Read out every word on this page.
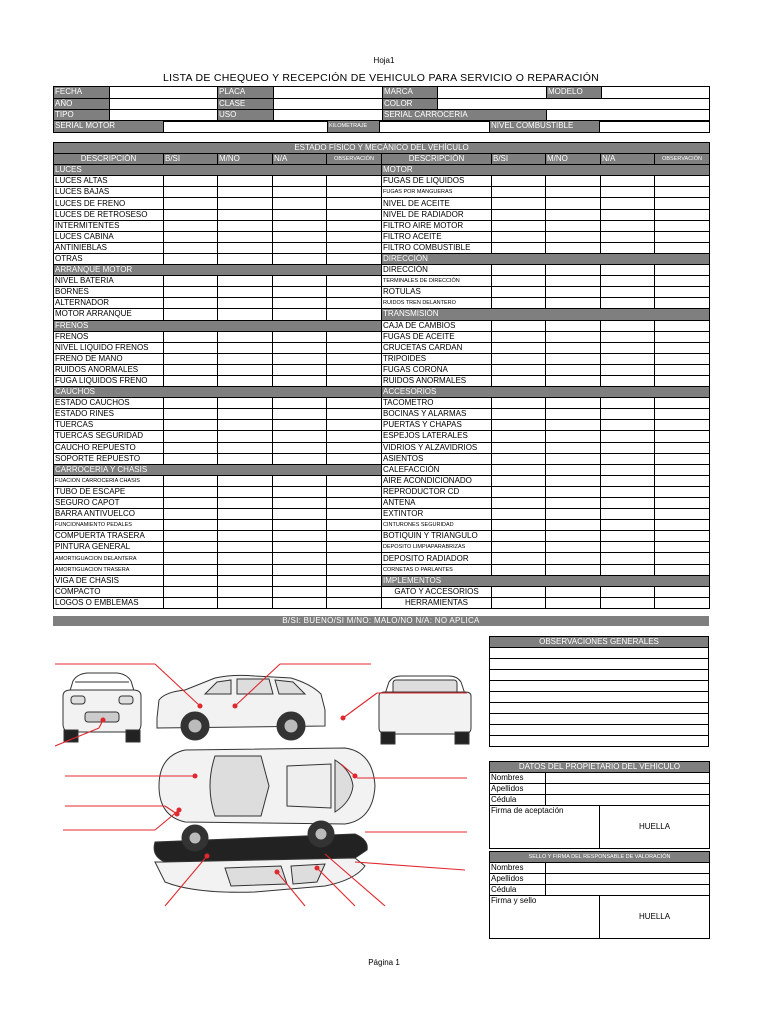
Hoja1
LISTA DE CHEQUEO Y RECEPCIÓN DE VEHICULO PARA SERVICIO O REPARACIÓN
FECHA		PLACA		MARCA		MODELO	
AÑO		CLASE		COLOR			
TIPO		USO		SERIAL CARROCERIA			
SERIAL MOTOR		KILOMETRAJE		NIVEL COMBUSTIBLE	
ESTADO FÍSICO Y MECÁNICO DEL VEHÍCULO									
DESCRIPCIÓN	B/SI	M/NO	N/A	OBSERVACIÓN	DESCRIPCIÓN	B/SI	M/NO	N/A	OBSERVACIÓN
LUCES					MOTOR				
LUCES ALTAS					FUGAS DE LIQUIDOS				
LUCES BAJAS					FUGAS POR MANGUERAS				
LUCES DE FRENO					NIVEL DE ACEITE				
LUCES DE RETROSESO					NIVEL DE RADIADOR				
INTERMITENTES					FILTRO AIRE MOTOR				
LUCES CABINA					FILTRO ACEITE				
ANTINIEBLAS					FILTRO COMBUSTIBLE				
OTRAS					DIRECCIÓN				
ARRANQUE MOTOR					DIRECCIÓN				
NIVEL BATERIA					TERMINALES DE DIRECCIÓN				
BORNES					ROTULAS				
ALTERNADOR					RUIDOS TREN DELANTERO				
MOTOR ARRANQUE					TRANSMISIÓN				
FRENOS					CAJA DE CAMBIOS				
FRENOS					FUGAS DE ACEITE				
NIVEL LIQUIDO FRENOS					CRUCETAS CARDAN				
FRENO DE MANO					TRIPOIDES				
RUIDOS ANORMALES					FUGAS CORONA				
FUGA LIQUIDOS FRENO					RUIDOS ANORMALES				
CAUCHOS					ACCESORIOS				
ESTADO CAUCHOS					TACOMETRO				
ESTADO RINES					BOCINAS Y ALARMAS				
TUERCAS					PUERTAS Y CHAPAS				
TUERCAS SEGURIDAD					ESPEJOS LATERALES				
CAUCHO REPUESTO					VIDRIOS Y ALZAVIDRIOS				
SOPORTE REPUESTO					ASIENTOS				
CARROCERIA Y CHASIS					CALEFACCIÓN				
FIJACION CARROCERIA CHASIS					AIRE ACONDICIONADO				
TUBO DE ESCAPE					REPRODUCTOR CD				
SEGURO CAPOT					ANTENA				
BARRA ANTIVUELCO					EXTINTOR				
FUNCIONAMIENTO PEDALES					CINTURONES SEGURIDAD				
COMPUERTA TRASERA					BOTIQUIN Y TRIANGULO				
PINTURA GENERAL					DEPOSITO LIMPIAPARABRIZAS				
AMORTIGUACION DELANTERA					DEPOSITO RADIADOR				
AMORTIGUACION TRASERA					CORNETAS O PARLANTES				
VIGA DE CHASIS					IMPLEMENTOS				
COMPACTO					GATO Y ACCESORIOS				
LOGOS O EMBLEMAS					HERRAMIENTAS				
B/SI: BUENO/SI M/NO: MALO/NO N/A: NO APLICA
OBSERVACIONES GENERALES

DATOS DEL PROPIETARIO DEL VEHICULO		
Nombres		
Apellidos		
Cédula		
Firma de aceptación		HUELLA
SELLO Y FIRMA DEL RESPONSABLE DE VALORACIÓN		
Nombres		
Apellidos		
Cédula		
Firma y sello		HUELLA
Página 1
